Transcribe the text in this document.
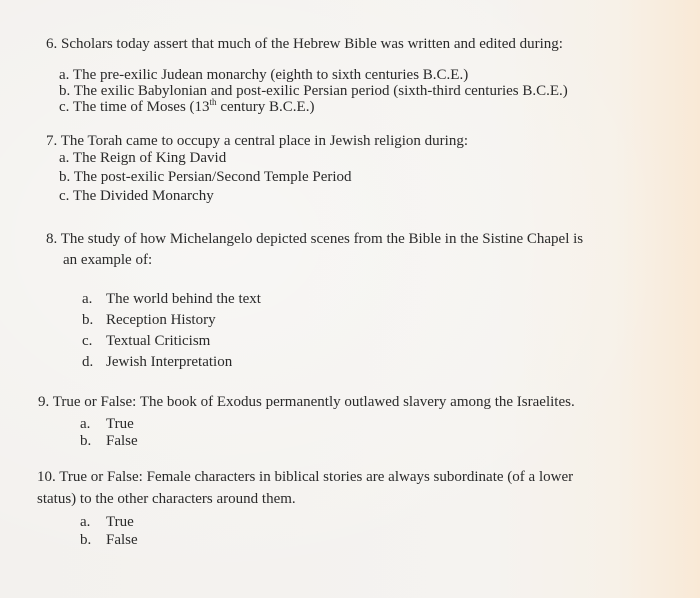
6. Scholars today assert that much of the Hebrew Bible was written and edited during:
a. The pre-exilic Judean monarchy (eighth to sixth centuries B.C.E.)
b. The exilic Babylonian and post-exilic Persian period (sixth-third centuries B.C.E.)
c. The time of Moses (13th century B.C.E.)
7. The Torah came to occupy a central place in Jewish religion during:
a. The Reign of King David
b. The post-exilic Persian/Second Temple Period
c. The Divided Monarchy
8. The study of how Michelangelo depicted scenes from the Bible in the Sistine Chapel is
an example of:
a. The world behind the text
b. Reception History
c. Textual Criticism
d. Jewish Interpretation
9. True or False: The book of Exodus permanently outlawed slavery among the Israelites.
a. True
b. False
10. True or False: Female characters in biblical stories are always subordinate (of a lower
status) to the other characters around them.
a. True
b. False
